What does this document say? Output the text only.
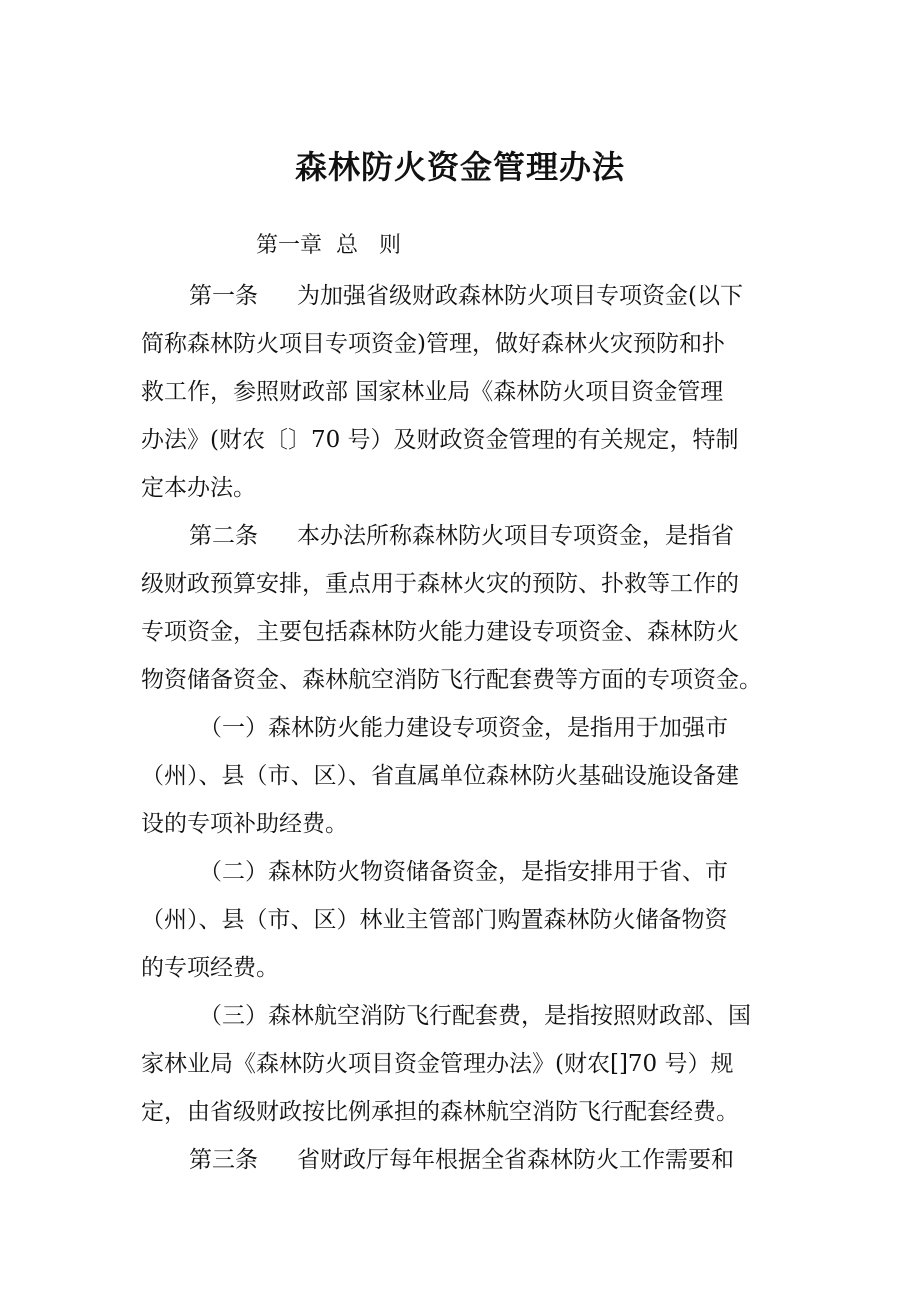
森林防火资金管理办法
第一章  总   则
第一条 为加强省级财政森林防火项目专项资金(以下
简称森林防火项目专项资金)管理，做好森林火灾预防和扑
救工作，参照财政部 国家林业局《森林防火项目资金管理
办法》(财农〔〕70 号）及财政资金管理的有关规定，特制
定本办法。
第二条 本办法所称森林防火项目专项资金，是指省
级财政预算安排，重点用于森林火灾的预防、扑救等工作的
专项资金，主要包括森林防火能力建设专项资金、森林防火
物资储备资金、森林航空消防飞行配套费等方面的专项资金。
（一）森林防火能力建设专项资金，是指用于加强市
（州）、县（市、区）、省直属单位森林防火基础设施设备建
设的专项补助经费。
（二）森林防火物资储备资金，是指安排用于省、市
（州）、县（市、区）林业主管部门购置森林防火储备物资
的专项经费。
（三）森林航空消防飞行配套费，是指按照财政部、国
家林业局《森林防火项目资金管理办法》(财农[]70 号）规
定，由省级财政按比例承担的森林航空消防飞行配套经费。
第三条 省财政厅每年根据全省森林防火工作需要和
